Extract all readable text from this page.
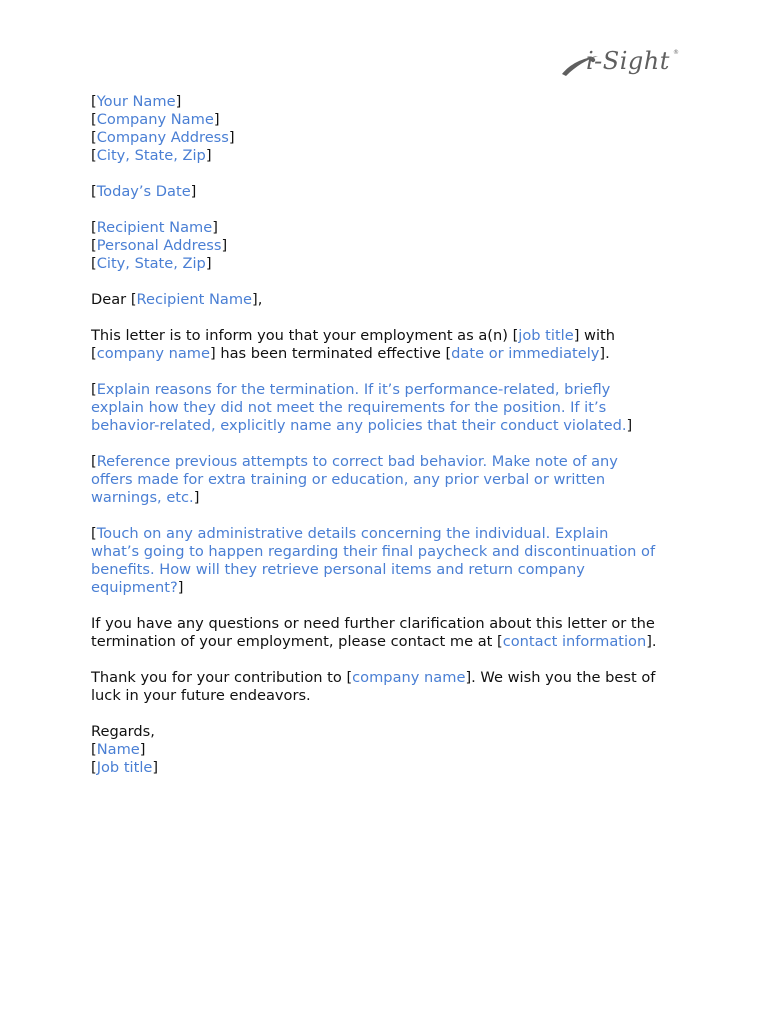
i-Sight ®
[Your Name]
[Company Name]
[Company Address]
[City, State, Zip]
[Today’s Date]
[Recipient Name]
[Personal Address]
[City, State, Zip]
Dear [Recipient Name],
This letter is to inform you that your employment as a(n) [job title] with
[company name] has been terminated effective [date or immediately].
[Explain reasons for the termination. If it’s performance-related, briefly
explain how they did not meet the requirements for the position. If it’s
behavior-related, explicitly name any policies that their conduct violated.]
[Reference previous attempts to correct bad behavior. Make note of any
offers made for extra training or education, any prior verbal or written
warnings, etc.]
[Touch on any administrative details concerning the individual. Explain
what’s going to happen regarding their final paycheck and discontinuation of
benefits. How will they retrieve personal items and return company
equipment?]
If you have any questions or need further clarification about this letter or the
termination of your employment, please contact me at [contact information].
Thank you for your contribution to [company name]. We wish you the best of
luck in your future endeavors.
Regards,
[Name]
[Job title]
